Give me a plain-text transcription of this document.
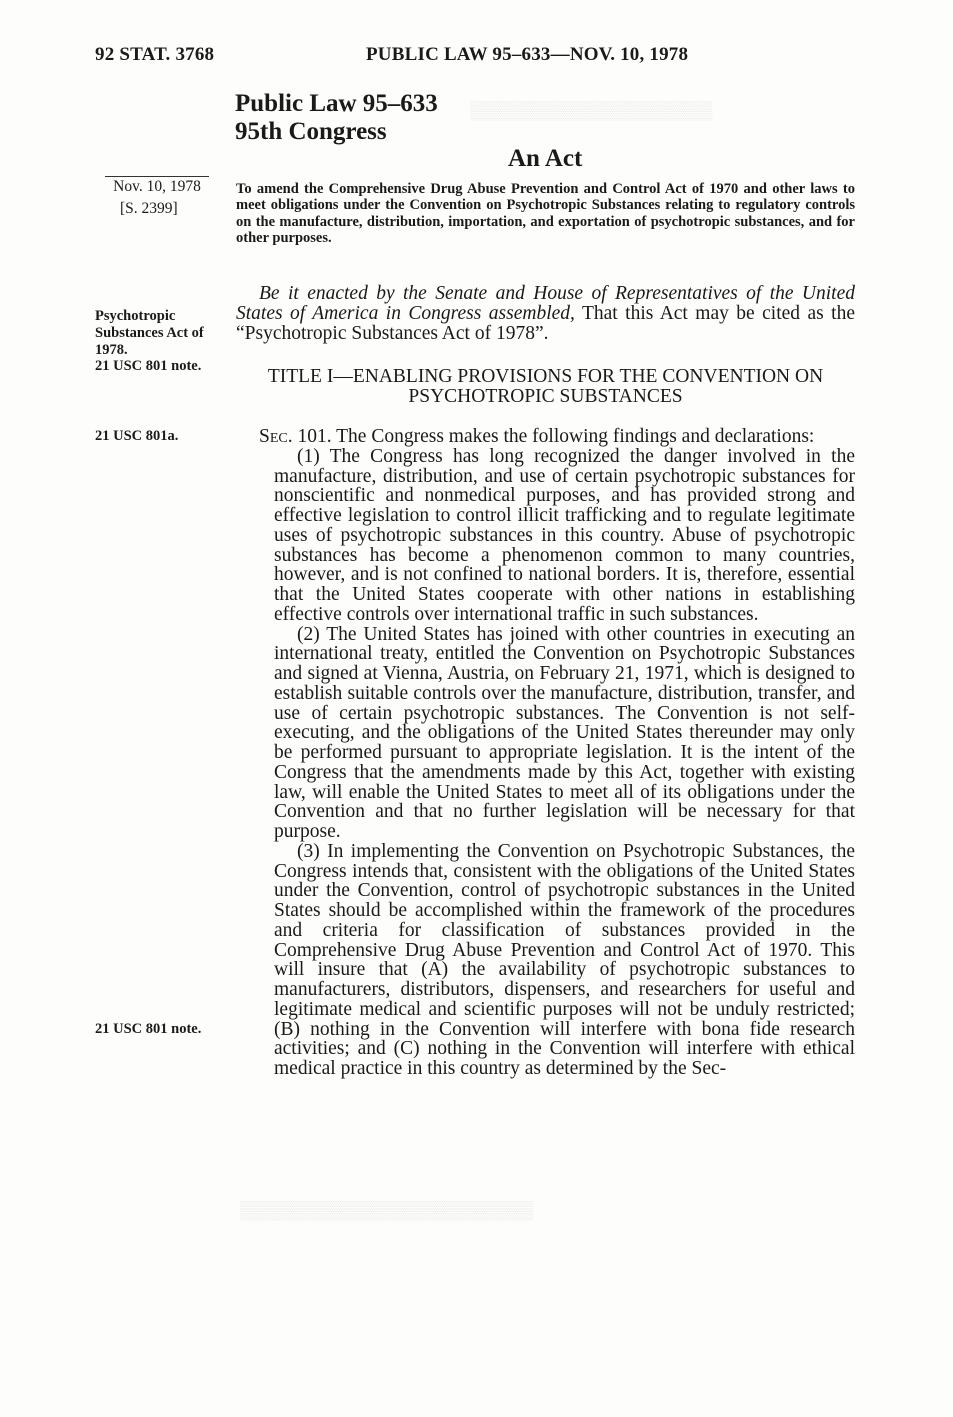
▒▒▒▒▒▒▒▒▒▒▒▒▒▒▒▒▒▒▒
▒▒▒▒▒▒▒▒▒▒▒▒▒▒▒▒▒▒▒▒▒▒▒
92 STAT. 3768	PUBLIC LAW 95–633—NOV. 10, 1978
Public Law 95–633
95th Congress
An Act
Nov. 10, 1978
[S. 2399]
Psychotropic Substances Act of 1978.
21 USC 801 note.
21 USC 801a.
21 USC 801 note.
To amend the Comprehensive Drug Abuse Prevention and Control Act of 1970 and other laws to meet obligations under the Convention on Psychotropic Substances relating to regulatory controls on the manufacture, distribution, importation, and exportation of psychotropic substances, and for other purposes.

Be it enacted by the Senate and House of Representatives of the United States of America in Congress assembled, That this Act may be cited as the “Psychotropic Substances Act of 1978”.

TITLE I—ENABLING PROVISIONS FOR THE CONVENTION ON PSYCHOTROPIC SUBSTANCES

Sec. 101. The Congress makes the following findings and declarations:

(1) The Congress has long recognized the danger involved in the manufacture, distribution, and use of certain psychotropic substances for nonscientific and nonmedical purposes, and has provided strong and effective legislation to control illicit trafficking and to regulate legitimate uses of psychotropic substances in this country. Abuse of psychotropic substances has become a phenomenon common to many countries, however, and is not confined to national borders. It is, therefore, essential that the United States cooperate with other nations in establishing effective controls over international traffic in such substances.

(2) The United States has joined with other countries in executing an international treaty, entitled the Convention on Psychotropic Substances and signed at Vienna, Austria, on February 21, 1971, which is designed to establish suitable controls over the manufacture, distribution, transfer, and use of certain psychotropic substances. The Convention is not self-executing, and the obligations of the United States thereunder may only be performed pursuant to appropriate legislation. It is the intent of the Congress that the amendments made by this Act, together with existing law, will enable the United States to meet all of its obligations under the Convention and that no further legislation will be necessary for that purpose.

(3) In implementing the Convention on Psychotropic Substances, the Congress intends that, consistent with the obligations of the United States under the Convention, control of psychotropic substances in the United States should be accomplished within the framework of the procedures and criteria for classification of substances provided in the Comprehensive Drug Abuse Prevention and Control Act of 1970. This will insure that (A) the availability of psychotropic substances to manufacturers, distributors, dispensers, and researchers for useful and legitimate medical and scientific purposes will not be unduly restricted; (B) nothing in the Convention will interfere with bona fide research activities; and (C) nothing in the Convention will interfere with ethical medical practice in this country as determined by the Sec-
